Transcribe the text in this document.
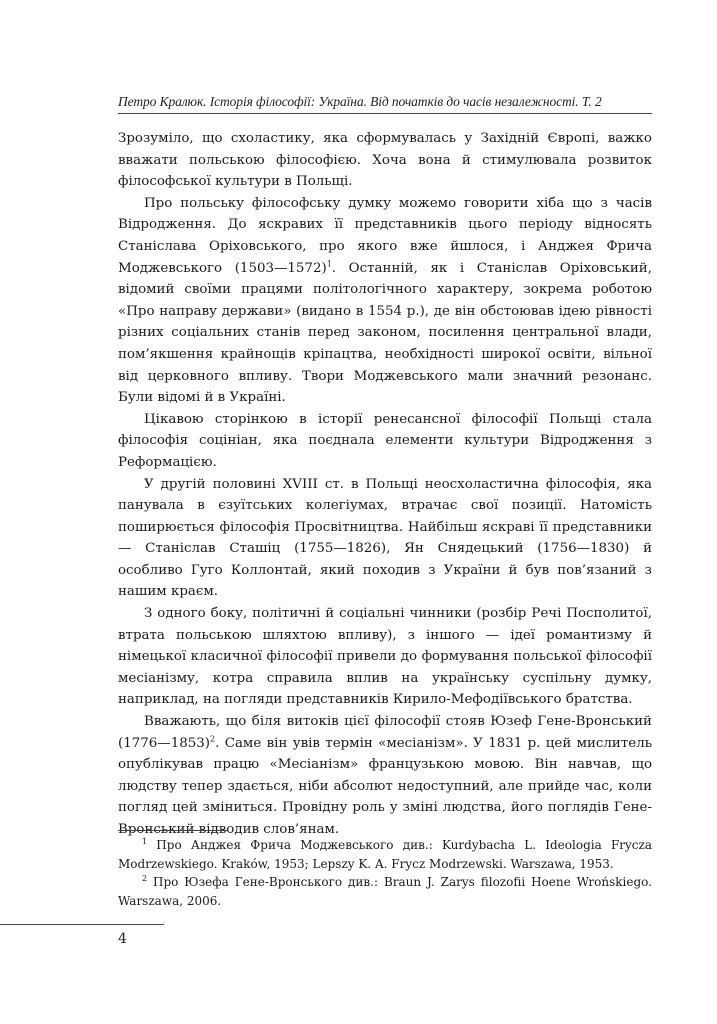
Петро Кралюк. Історія філософії: Україна. Від початків до часів незалежності. Т. 2

Зрозуміло, що схоластику, яка сформувалась у Західній Європі, важко вважати польською філософією. Хоча вона й стимулювала розвиток філософської культури в Польщі.

Про польську філософську думку можемо говорити хіба що з часів Відродження. До яскравих її представників цього періоду відносять Станіслава Оріховського, про якого вже йшлося, і Анджея Фрича Моджевського (1503—1572)$^1$. Останній, як і Станіслав Оріховський, відомий своїми працями політологічного характеру, зокрема роботою «Про направу держави» (видано в 1554 р.), де він обстоював ідею рівності різних соціальних станів перед законом, посилення центральної влади, пом’якшення крайнощів кріпацтва, необхідності широкої освіти, вільної від церковного впливу. Твори Моджевського мали значний резонанс. Були відомі й в Україні.

Цікавою сторінкою в історії ренесансної філософії Польщі стала філософія соцініан, яка поєднала елементи культури Відродження з Реформацією.

У другій половині XVIII ст. в Польщі неосхоластична філософія, яка панувала в єзуїтських колегіумах, втрачає свої позиції. Натомість поширюється філософія Просвітництва. Найбільш яскраві її представники — Станіслав Сташіц (1755—1826), Ян Снядецький (1756—1830) й особливо Гуго Коллонтай, який походив з України й був пов’язаний з нашим краєм.

З одного боку, політичні й соціальні чинники (розбір Речі Посполитої, втрата польською шляхтою впливу), з іншого — ідеї романтизму й німецької класичної філософії привели до формування польської філософії месіанізму, котра справила вплив на українську суспільну думку, наприклад, на погляди представників Кирило-Мефодіївського братства.

Вважають, що біля витоків цієї філософії стояв Юзеф Гене-Вронський (1776—1853)$^2$. Саме він увів термін «месіанізм». У 1831 р. цей мислитель опублікував працю «Месіанізм» французькою мовою. Він навчав, що людству тепер здається, ніби абсолют недоступний, але прийде час, коли погляд цей зміниться. Провідну роль у зміні людства, його поглядів Гене-Вронський відводив слов’янам.

$^1$ Про Анджея Фрича Моджевського див.: Kurdybacha L. Ideologia Frycza Modrzewskiego. Kraków, 1953; Lepszy K. A. Frycz Modrzewski. Warszawa, 1953.

$^2$ Про Юзефа Гене-Вронського див.: Braun J. Zarys filozofii Hoene Wrońskiego. Warszawa, 2006.

4
